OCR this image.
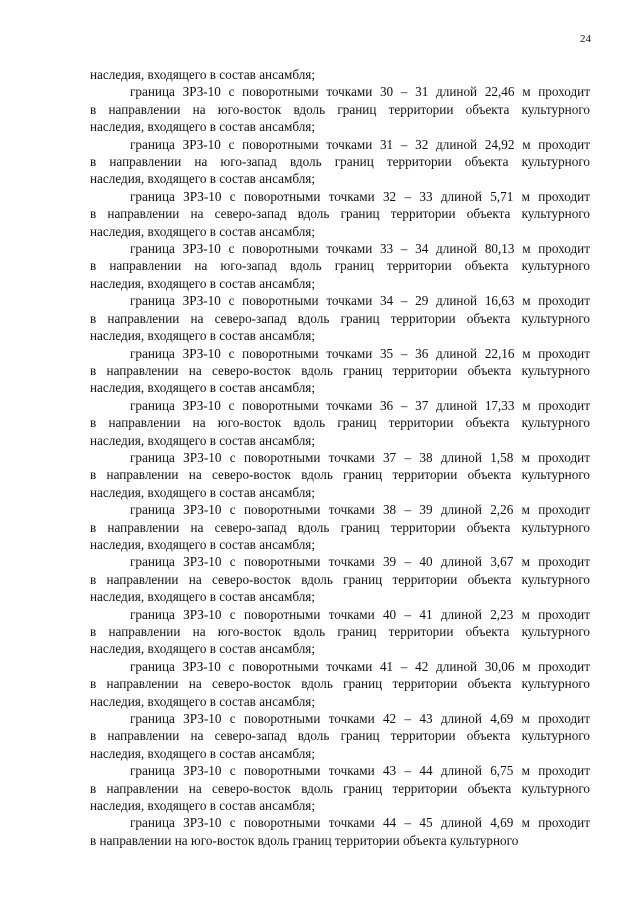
24
наследия, входящего в состав ансамбля;
граница ЗРЗ-10 с поворотными точками 30 – 31 длиной 22,46 м проходит
в направлении на юго-восток вдоль границ территории объекта культурного
наследия, входящего в состав ансамбля;
граница ЗРЗ-10 с поворотными точками 31 – 32 длиной 24,92 м проходит
в направлении на юго-запад вдоль границ территории объекта культурного
наследия, входящего в состав ансамбля;
граница ЗРЗ-10 с поворотными точками 32 – 33 длиной 5,71 м проходит
в направлении на северо-запад вдоль границ территории объекта культурного
наследия, входящего в состав ансамбля;
граница ЗРЗ-10 с поворотными точками 33 – 34 длиной 80,13 м проходит
в направлении на юго-запад вдоль границ территории объекта культурного
наследия, входящего в состав ансамбля;
граница ЗРЗ-10 с поворотными точками 34 – 29 длиной 16,63 м проходит
в направлении на северо-запад вдоль границ территории объекта культурного
наследия, входящего в состав ансамбля;
граница ЗРЗ-10 с поворотными точками 35 – 36 длиной 22,16 м проходит
в направлении на северо-восток вдоль границ территории объекта культурного
наследия, входящего в состав ансамбля;
граница ЗРЗ-10 с поворотными точками 36 – 37 длиной 17,33 м проходит
в направлении на юго-восток вдоль границ территории объекта культурного
наследия, входящего в состав ансамбля;
граница ЗРЗ-10 с поворотными точками 37 – 38 длиной 1,58 м проходит
в направлении на северо-восток вдоль границ территории объекта культурного
наследия, входящего в состав ансамбля;
граница ЗРЗ-10 с поворотными точками 38 – 39 длиной 2,26 м проходит
в направлении на северо-запад вдоль границ территории объекта культурного
наследия, входящего в состав ансамбля;
граница ЗРЗ-10 с поворотными точками 39 – 40 длиной 3,67 м проходит
в направлении на северо-восток вдоль границ территории объекта культурного
наследия, входящего в состав ансамбля;
граница ЗРЗ-10 с поворотными точками 40 – 41 длиной 2,23 м проходит
в направлении на юго-восток вдоль границ территории объекта культурного
наследия, входящего в состав ансамбля;
граница ЗРЗ-10 с поворотными точками 41 – 42 длиной 30,06 м проходит
в направлении на северо-восток вдоль границ территории объекта культурного
наследия, входящего в состав ансамбля;
граница ЗРЗ-10 с поворотными точками 42 – 43 длиной 4,69 м проходит
в направлении на северо-запад вдоль границ территории объекта культурного
наследия, входящего в состав ансамбля;
граница ЗРЗ-10 с поворотными точками 43 – 44 длиной 6,75 м проходит
в направлении на северо-восток вдоль границ территории объекта культурного
наследия, входящего в состав ансамбля;
граница ЗРЗ-10 с поворотными точками 44 – 45 длиной 4,69 м проходит
в направлении на юго-восток вдоль границ территории объекта культурного
